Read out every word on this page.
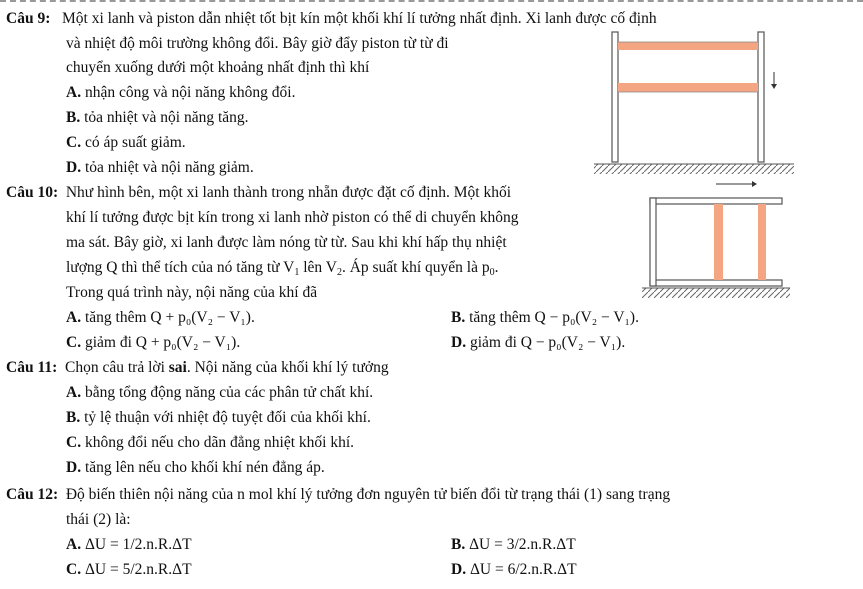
Câu 9: Một xi lanh và piston dẫn nhiệt tốt bịt kín một khối khí lí tưởng nhất định. Xi lanh được cố định
và nhiệt độ môi trường không đổi. Bây giờ đẩy piston từ từ đi
chuyển xuống dưới một khoảng nhất định thì khí
A. nhận công và nội năng không đổi.
B. tỏa nhiệt và nội năng tăng.
C. có áp suất giảm.
D. tỏa nhiệt và nội năng giảm.
Câu 10: Như hình bên, một xi lanh thành trong nhẵn được đặt cố định. Một khối
khí lí tưởng được bịt kín trong xi lanh nhờ piston có thể di chuyển không
ma sát. Bây giờ, xi lanh được làm nóng từ từ. Sau khi khí hấp thụ nhiệt
lượng Q thì thể tích của nó tăng từ $V_1$ lên $V_2$. Áp suất khí quyển là $p_0$.
Trong quá trình này, nội năng của khí đã
A. tăng thêm Q + p₀(V₂ − V₁).	B. tăng thêm Q − p₀(V₂ − V₁).
C. giảm đi Q + p₀(V₂ − V₁).	D. giảm đi Q − p₀(V₂ − V₁).
Câu 11: Chọn câu trả lời sai. Nội năng của khối khí lý tưởng
A. bằng tổng động năng của các phân tử chất khí.
B. tỷ lệ thuận với nhiệt độ tuyệt đối của khối khí.
C. không đổi nếu cho dãn đẳng nhiệt khối khí.
D. tăng lên nếu cho khối khí nén đẳng áp.
Câu 12: Độ biến thiên nội năng của n mol khí lý tưởng đơn nguyên tử biến đổi từ trạng thái (1) sang trạng
thái (2) là:
A. ΔU = 1/2.n.R.ΔT	B. ΔU = 3/2.n.R.ΔT
C. ΔU = 5/2.n.R.ΔT	D. ΔU = 6/2.n.R.ΔT
